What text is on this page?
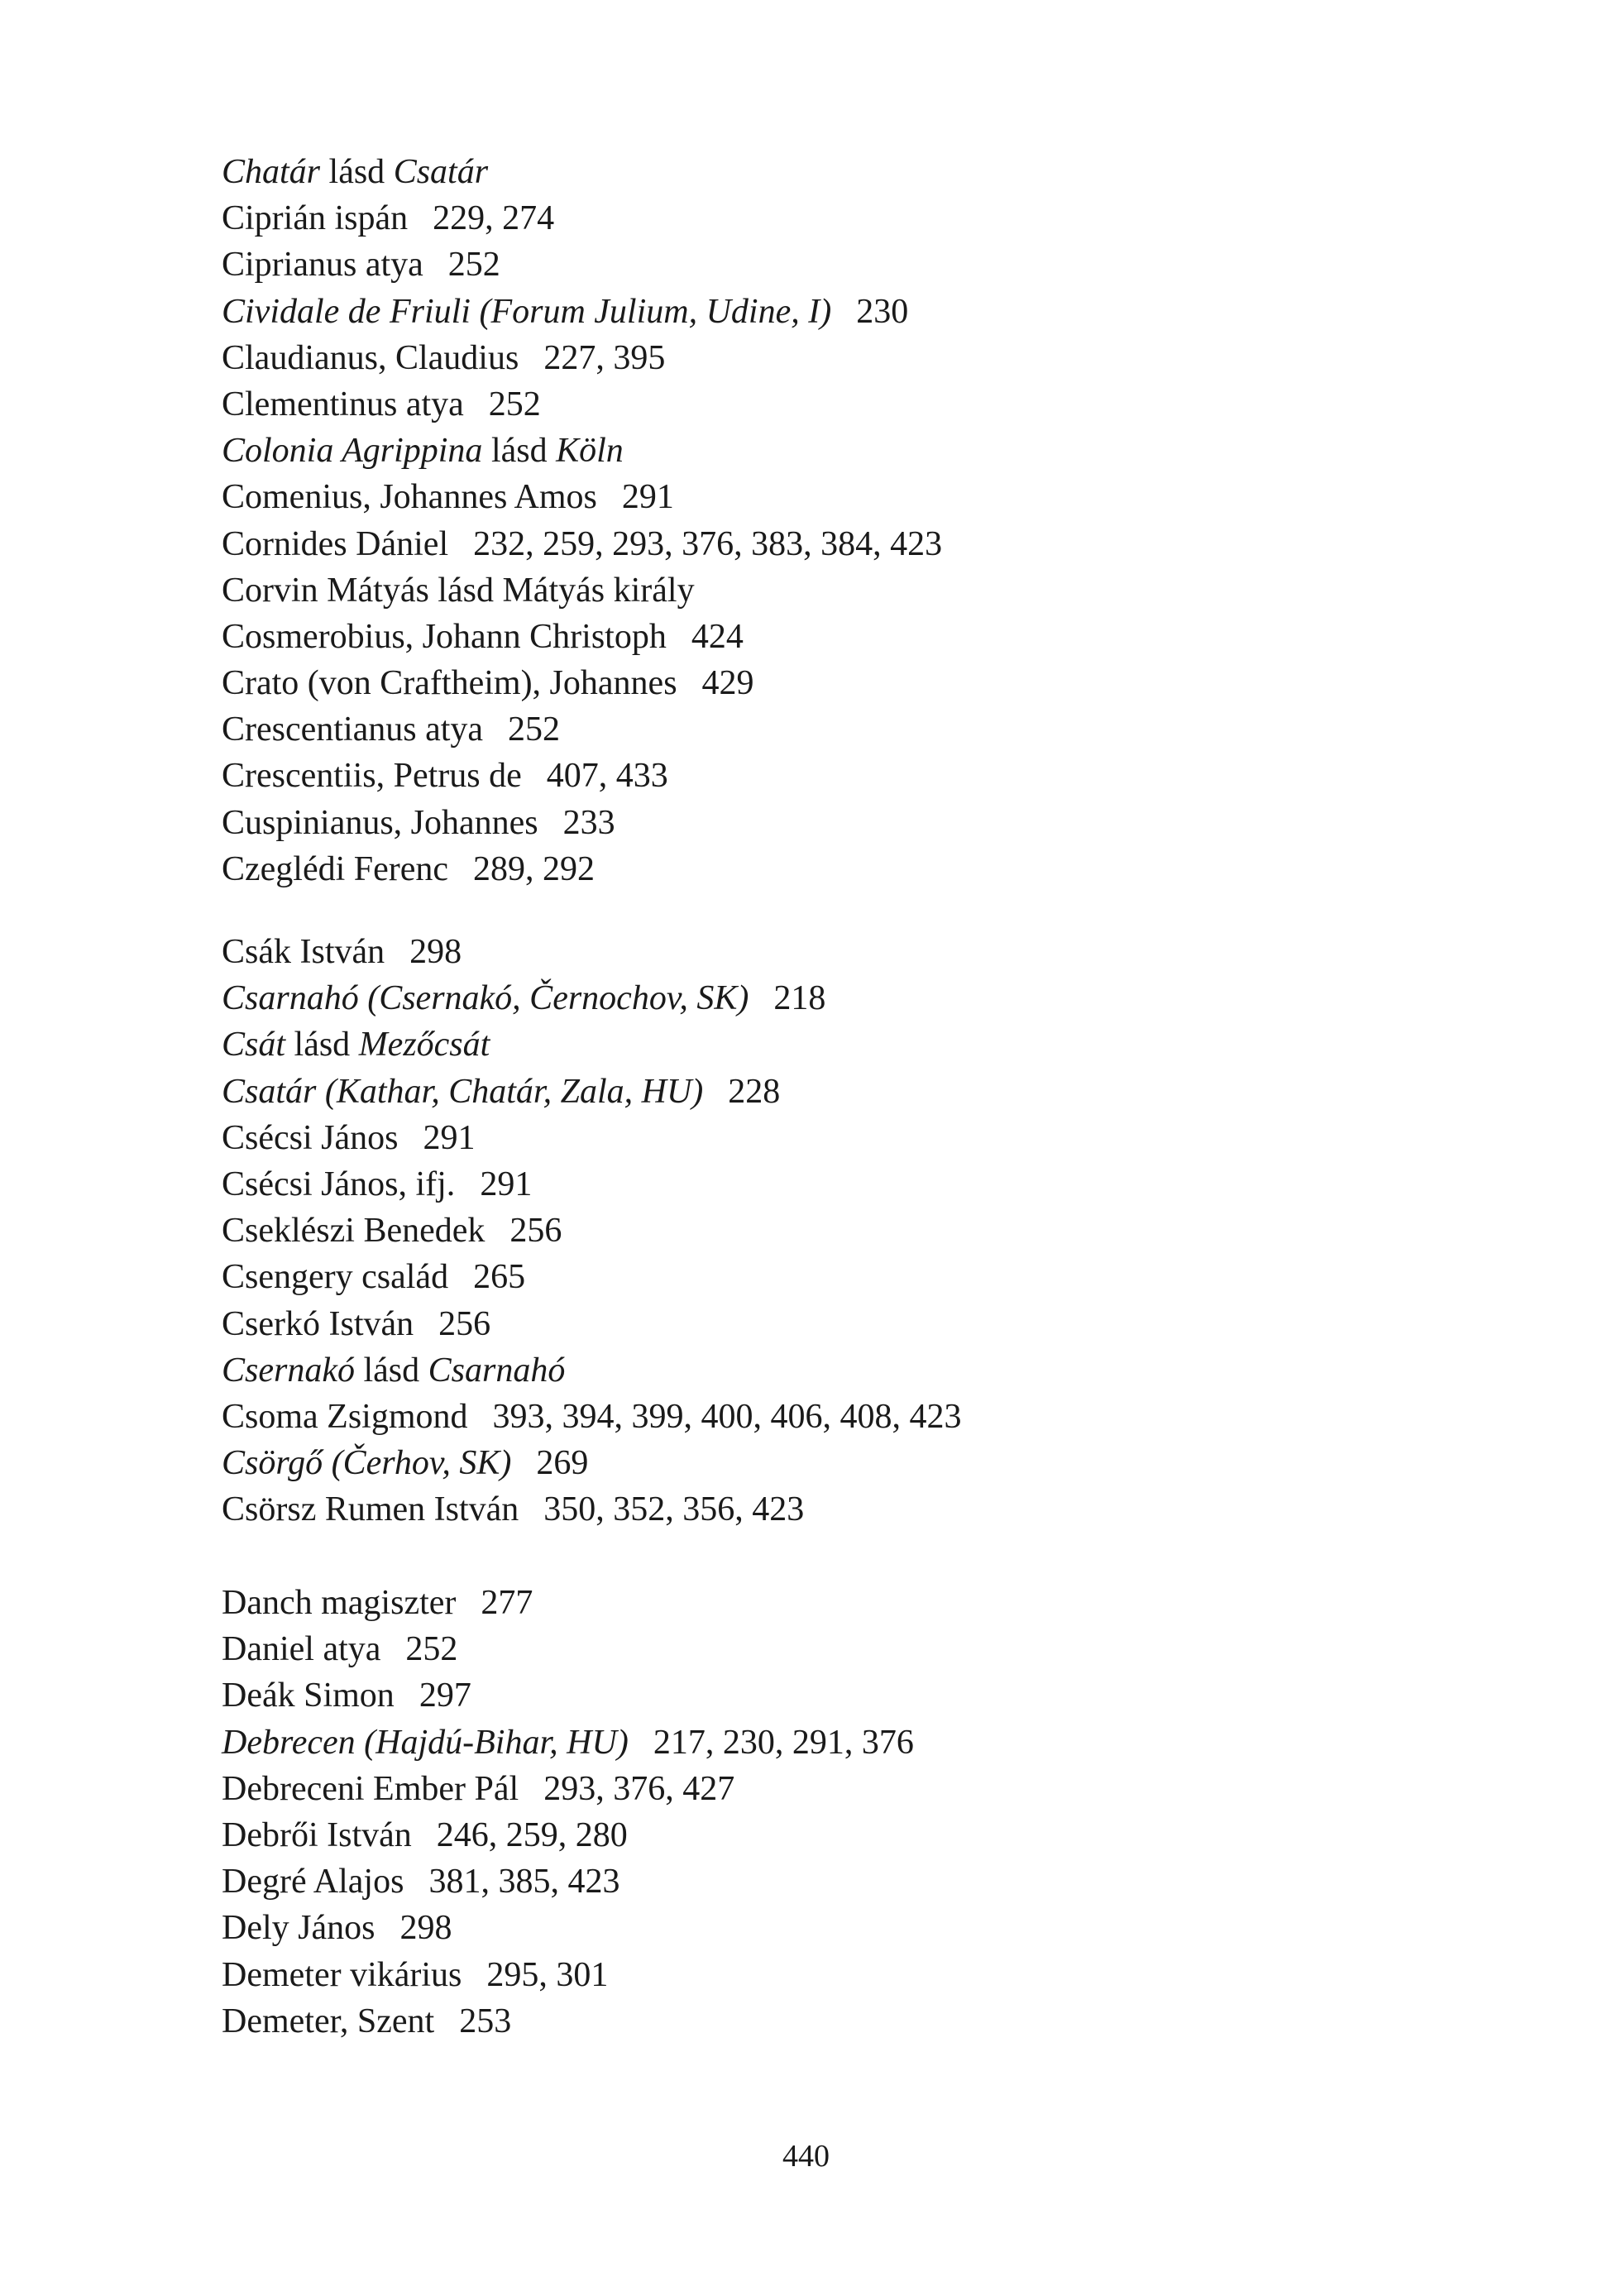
Chatár lásd Csatár
Ciprián ispán 229, 274
Ciprianus atya 252
Cividale de Friuli (Forum Julium, Udine, I) 230
Claudianus, Claudius 227, 395
Clementinus atya 252
Colonia Agrippina lásd Köln
Comenius, Johannes Amos 291
Cornides Dániel 232, 259, 293, 376, 383, 384, 423
Corvin Mátyás lásd Mátyás király
Cosmerobius, Johann Christoph 424
Crato (von Craftheim), Johannes 429
Crescentianus atya 252
Crescentiis, Petrus de 407, 433
Cuspinianus, Johannes 233
Czeglédi Ferenc 289, 292
Csák István 298
Csarnahó (Csernakó, Černochov, SK) 218
Csát lásd Mezőcsát
Csatár (Kathar, Chatár, Zala, HU) 228
Csécsi János 291
Csécsi János, ifj. 291
Cseklészi Benedek 256
Csengery család 265
Cserkó István 256
Csernakó lásd Csarnahó
Csoma Zsigmond 393, 394, 399, 400, 406, 408, 423
Csörgő (Čerhov, SK) 269
Csörsz Rumen István 350, 352, 356, 423
Danch magiszter 277
Daniel atya 252
Deák Simon 297
Debrecen (Hajdú-Bihar, HU) 217, 230, 291, 376
Debreceni Ember Pál 293, 376, 427
Debrői István 246, 259, 280
Degré Alajos 381, 385, 423
Dely János 298
Demeter vikárius 295, 301
Demeter, Szent 253
440
